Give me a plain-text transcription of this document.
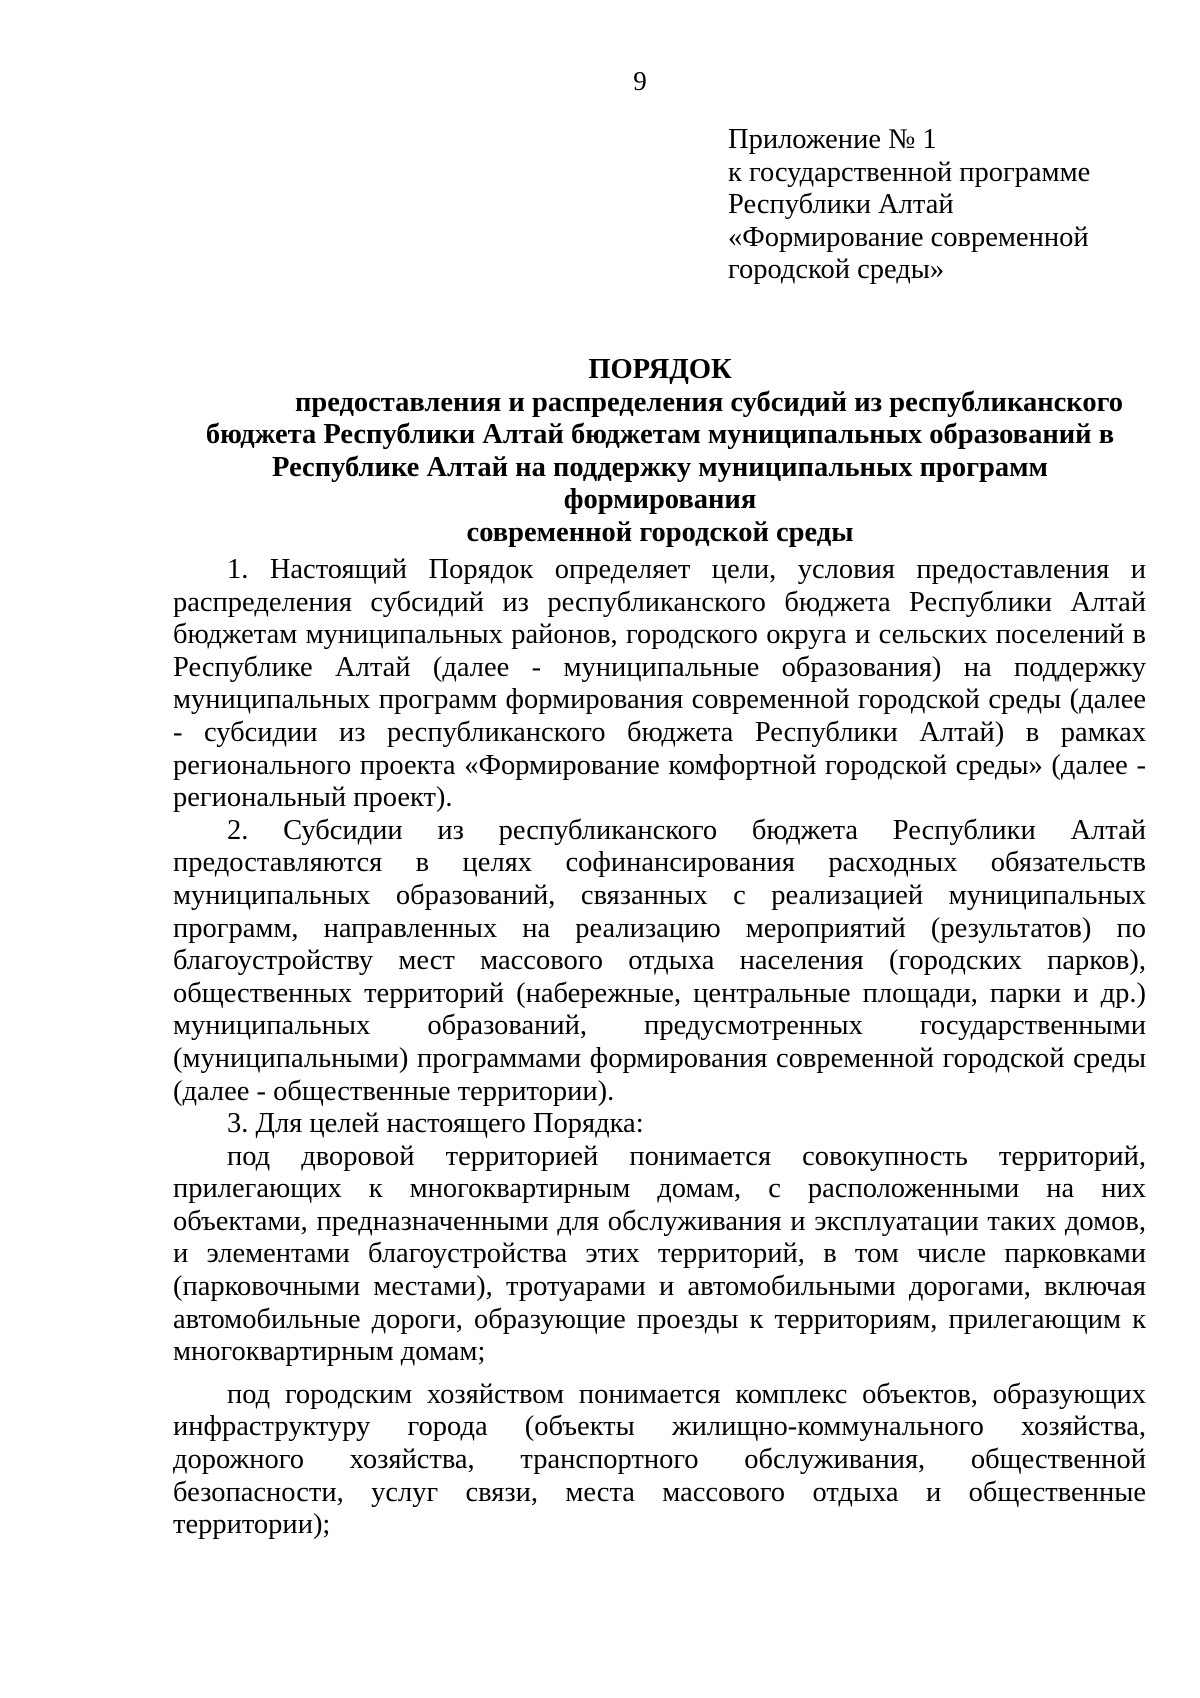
9
Приложение № 1
к государственной программе
Республики Алтай
«Формирование современной
городской среды»
ПОРЯДОК
предоставления и распределения субсидий из республиканского
бюджета Республики Алтай бюджетам муниципальных образований в
Республике Алтай на поддержку муниципальных программ формирования
современной городской среды

1. Настоящий Порядок определяет цели, условия предоставления и распределения субсидий из республиканского бюджета Республики Алтай бюджетам муниципальных районов, городского округа и сельских поселений в Республике Алтай (далее - муниципальные образования) на поддержку муниципальных программ формирования современной городской среды (далее - субсидии из республиканского бюджета Республики Алтай) в рамках регионального проекта «Формирование комфортной городской среды» (далее - региональный проект).

2. Субсидии из республиканского бюджета Республики Алтай предоставляются в целях софинансирования расходных обязательств муниципальных образований, связанных с реализацией муниципальных программ, направленных на реализацию мероприятий (результатов) по благоустройству мест массового отдыха населения (городских парков), общественных территорий (набережные, центральные площади, парки и др.) муниципальных образований, предусмотренных государственными (муниципальными) программами формирования современной городской среды (далее - общественные территории).

3. Для целей настоящего Порядка:

под дворовой территорией понимается совокупность территорий, прилегающих к многоквартирным домам, с расположенными на них объектами, предназначенными для обслуживания и эксплуатации таких домов, и элементами благоустройства этих территорий, в том числе парковками (парковочными местами), тротуарами и автомобильными дорогами, включая автомобильные дороги, образующие проезды к территориям, прилегающим к многоквартирным домам;

под городским хозяйством понимается комплекс объектов, образующих инфраструктуру города (объекты жилищно-коммунального хозяйства, дорожного хозяйства, транспортного обслуживания, общественной безопасности, услуг связи, места массового отдыха и общественные территории);
